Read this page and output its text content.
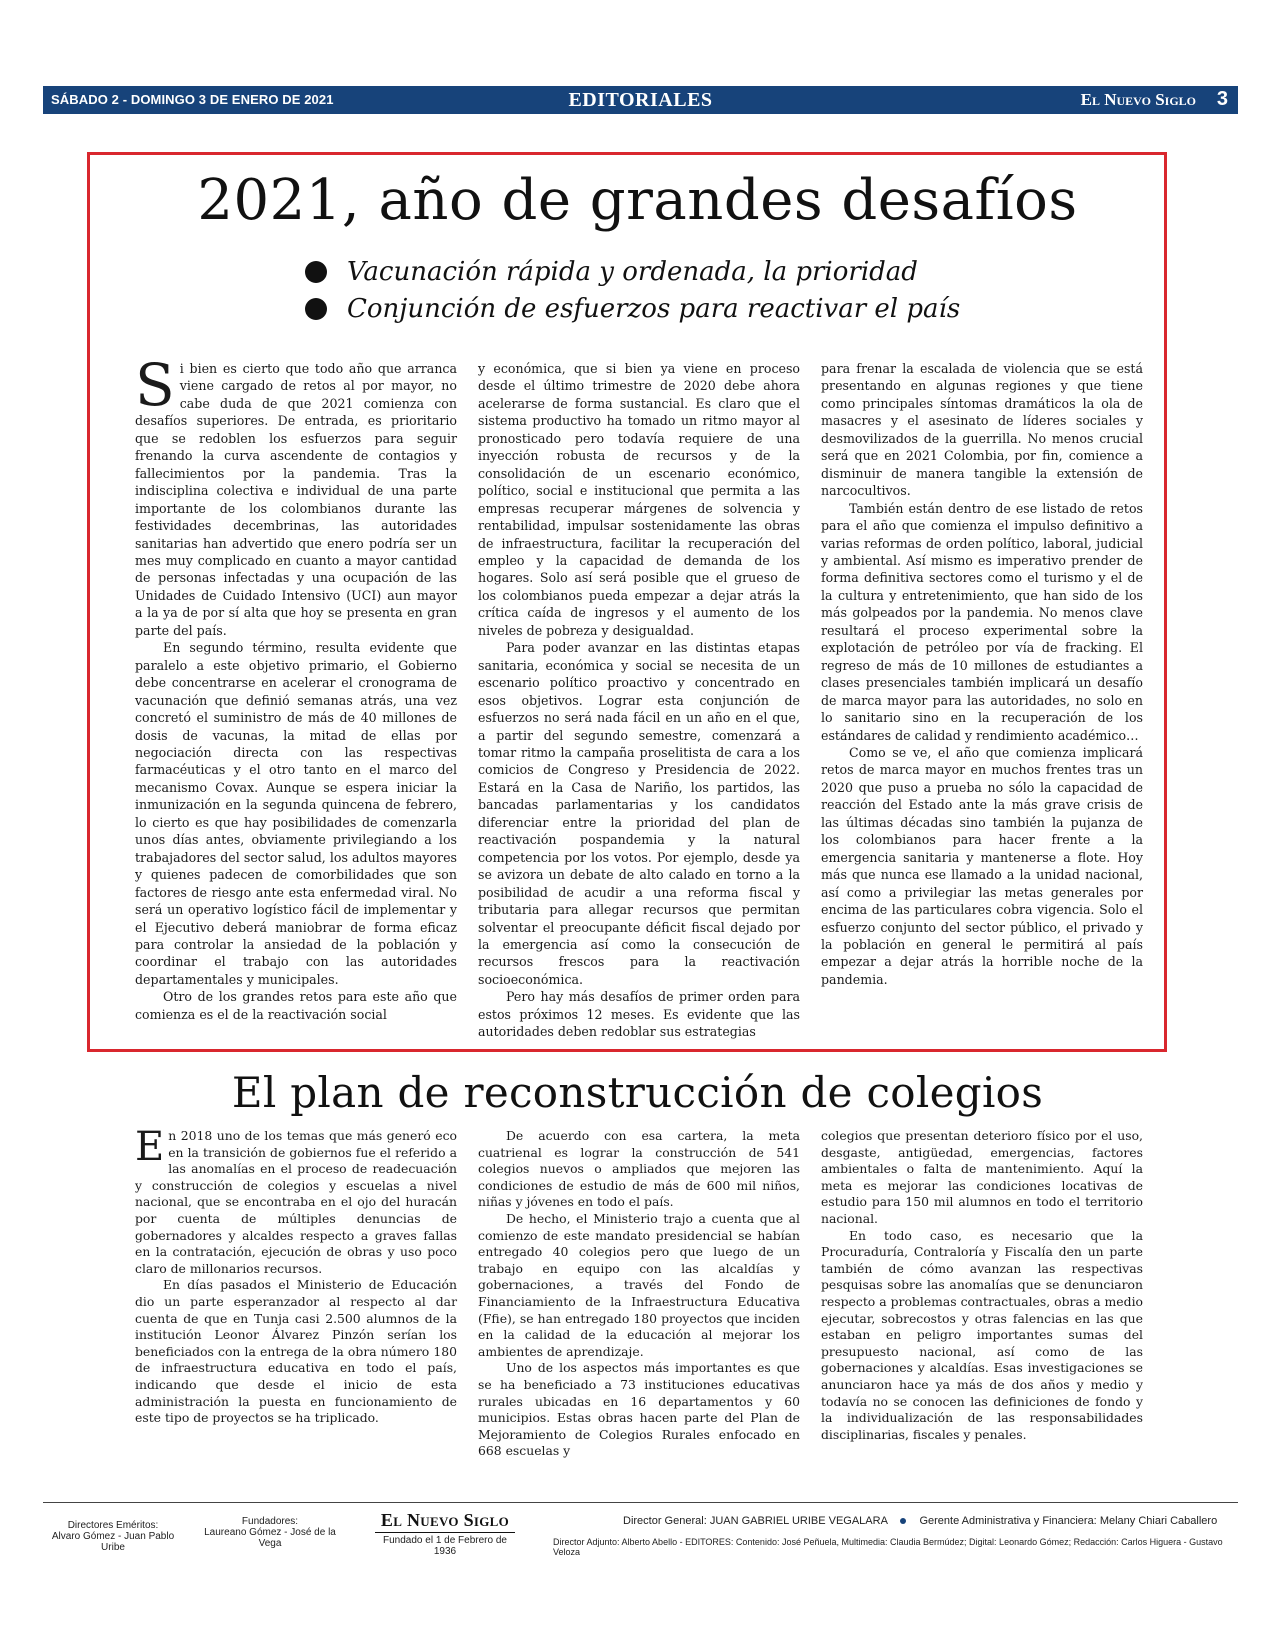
SÁBADO 2 - DOMINGO 3 DE ENERO DE 2021	EDITORIALES	El Nuevo Siglo 3
2021, año de grandes desafíos
Vacunación rápida y ordenada, la prioridad
Conjunción de esfuerzos para reactivar el país

Si bien es cierto que todo año que arranca viene cargado de retos al por mayor, no cabe duda de que 2021 comienza con desafíos superiores. De entrada, es prioritario que se redoblen los esfuerzos para seguir frenando la curva ascendente de contagios y fallecimientos por la pandemia. Tras la indisciplina colectiva e individual de una parte importante de los colombianos durante las festividades decembrinas, las autoridades sanitarias han advertido que enero podría ser un mes muy complicado en cuanto a mayor cantidad de personas infectadas y una ocupación de las Unidades de Cuidado Intensivo (UCI) aun mayor a la ya de por sí alta que hoy se presenta en gran parte del país.

En segundo término, resulta evidente que paralelo a este objetivo primario, el Gobierno debe concentrarse en acelerar el cronograma de vacunación que definió semanas atrás, una vez concretó el suministro de más de 40 millones de dosis de vacunas, la mitad de ellas por negociación directa con las respectivas farmacéuticas y el otro tanto en el marco del mecanismo Covax. Aunque se espera iniciar la inmunización en la segunda quincena de febrero, lo cierto es que hay posibilidades de comenzarla unos días antes, obviamente privilegiando a los trabajadores del sector salud, los adultos mayores y quienes padecen de comorbilidades que son factores de riesgo ante esta enfermedad viral. No será un operativo logístico fácil de implementar y el Ejecutivo deberá maniobrar de forma eficaz para controlar la ansiedad de la población y coordinar el trabajo con las autoridades departamentales y municipales.

Otro de los grandes retos para este año que comienza es el de la reactivación social

y económica, que si bien ya viene en proceso desde el último trimestre de 2020 debe ahora acelerarse de forma sustancial. Es claro que el sistema productivo ha tomado un ritmo mayor al pronosticado pero todavía requiere de una inyección robusta de recursos y de la consolidación de un escenario económico, político, social e institucional que permita a las empresas recuperar márgenes de solvencia y rentabilidad, impulsar sostenidamente las obras de infraestructura, facilitar la recuperación del empleo y la capacidad de demanda de los hogares. Solo así será posible que el grueso de los colombianos pueda empezar a dejar atrás la crítica caída de ingresos y el aumento de los niveles de pobreza y desigualdad.

Para poder avanzar en las distintas etapas sanitaria, económica y social se necesita de un escenario político proactivo y concentrado en esos objetivos. Lograr esta conjunción de esfuerzos no será nada fácil en un año en el que, a partir del segundo semestre, comenzará a tomar ritmo la campaña proselitista de cara a los comicios de Congreso y Presidencia de 2022. Estará en la Casa de Nariño, los partidos, las bancadas parlamentarias y los candidatos diferenciar entre la prioridad del plan de reactivación pospandemia y la natural competencia por los votos. Por ejemplo, desde ya se avizora un debate de alto calado en torno a la posibilidad de acudir a una reforma fiscal y tributaria para allegar recursos que permitan solventar el preocupante déficit fiscal dejado por la emergencia así como la consecución de recursos frescos para la reactivación socioeconómica.

Pero hay más desafíos de primer orden para estos próximos 12 meses. Es evidente que las autoridades deben redoblar sus estrategias

para frenar la escalada de violencia que se está presentando en algunas regiones y que tiene como principales síntomas dramáticos la ola de masacres y el asesinato de líderes sociales y desmovilizados de la guerrilla. No menos crucial será que en 2021 Colombia, por fin, comience a disminuir de manera tangible la extensión de narcocultivos.

También están dentro de ese listado de retos para el año que comienza el impulso definitivo a varias reformas de orden político, laboral, judicial y ambiental. Así mismo es imperativo prender de forma definitiva sectores como el turismo y el de la cultura y entretenimiento, que han sido de los más golpeados por la pandemia. No menos clave resultará el proceso experimental sobre la explotación de petróleo por vía de fracking. El regreso de más de 10 millones de estudiantes a clases presenciales también implicará un desafío de marca mayor para las autoridades, no solo en lo sanitario sino en la recuperación de los estándares de calidad y rendimiento académico…

Como se ve, el año que comienza implicará retos de marca mayor en muchos frentes tras un 2020 que puso a prueba no sólo la capacidad de reacción del Estado ante la más grave crisis de las últimas décadas sino también la pujanza de los colombianos para hacer frente a la emergencia sanitaria y mantenerse a flote. Hoy más que nunca ese llamado a la unidad nacional, así como a privilegiar las metas generales por encima de las particulares cobra vigencia. Solo el esfuerzo conjunto del sector público, el privado y la población en general le permitirá al país empezar a dejar atrás la horrible noche de la pandemia.

El plan de reconstrucción de colegios

En 2018 uno de los temas que más generó eco en la transición de gobiernos fue el referido a las anomalías en el proceso de readecuación y construcción de colegios y escuelas a nivel nacional, que se encontraba en el ojo del huracán por cuenta de múltiples denuncias de gobernadores y alcaldes respecto a graves fallas en la contratación, ejecución de obras y uso poco claro de millonarios recursos.

En días pasados el Ministerio de Educación dio un parte esperanzador al respecto al dar cuenta de que en Tunja casi 2.500 alumnos de la institución Leonor Álvarez Pinzón serían los beneficiados con la entrega de la obra número 180 de infraestructura educativa en todo el país, indicando que desde el inicio de esta administración la puesta en funcionamiento de este tipo de proyectos se ha triplicado.

De acuerdo con esa cartera, la meta cuatrienal es lograr la construcción de 541 colegios nuevos o ampliados que mejoren las condiciones de estudio de más de 600 mil niños, niñas y jóvenes en todo el país.

De hecho, el Ministerio trajo a cuenta que al comienzo de este mandato presidencial se habían entregado 40 colegios pero que luego de un trabajo en equipo con las alcaldías y gobernaciones, a través del Fondo de Financiamiento de la Infraestructura Educativa (Ffie), se han entregado 180 proyectos que inciden en la calidad de la educación al mejorar los ambientes de aprendizaje.

Uno de los aspectos más importantes es que se ha beneficiado a 73 instituciones educativas rurales ubicadas en 16 departamentos y 60 municipios. Estas obras hacen parte del Plan de Mejoramiento de Colegios Rurales enfocado en 668 escuelas y

colegios que presentan deterioro físico por el uso, desgaste, antigüedad, emergencias, factores ambientales o falta de mantenimiento. Aquí la meta es mejorar las condiciones locativas de estudio para 150 mil alumnos en todo el territorio nacional.

En todo caso, es necesario que la Procuraduría, Contraloría y Fiscalía den un parte también de cómo avanzan las respectivas pesquisas sobre las anomalías que se denunciaron respecto a problemas contractuales, obras a medio ejecutar, sobrecostos y otras falencias en las que estaban en peligro importantes sumas del presupuesto nacional, así como de las gobernaciones y alcaldías. Esas investigaciones se anunciaron hace ya más de dos años y medio y todavía no se conocen las definiciones de fondo y la individualización de las responsabilidades disciplinarias, fiscales y penales.

Directores Eméritos:
Alvaro Gómez - Juan Pablo Uribe
Fundadores:
Laureano Gómez - José de la Vega
El Nuevo Siglo
Fundado el 1 de Febrero de 1936
Director General: JUAN GABRIEL URIBE VEGALARA	Gerente Administrativa y Financiera: Melany Chiari Caballero
Director Adjunto: Alberto Abello - EDITORES: Contenido: José Peñuela, Multimedia: Claudia Bermúdez; Digital: Leonardo Gómez; Redacción: Carlos Higuera - Gustavo Veloza
